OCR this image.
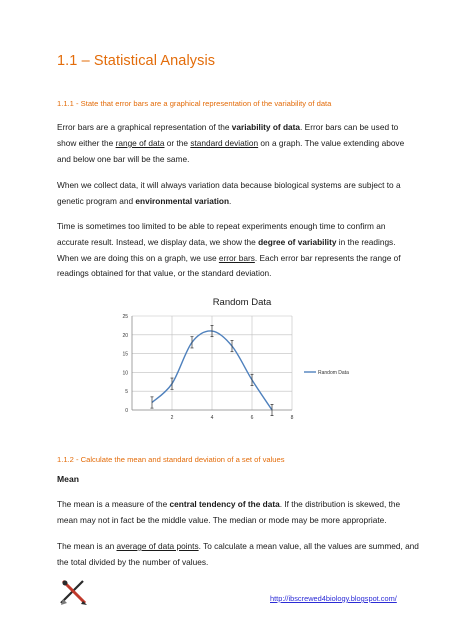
1.1 – Statistical Analysis
1.1.1 - State that error bars are a graphical representation of the variability of data
Error bars are a graphical representation of the variability of data. Error bars can be used to show either the range of data or the standard deviation on a graph. The value extending above and below one bar will be the same.
When we collect data, it will always variation data because biological systems are subject to a genetic program and environmental variation.
Time is sometimes too limited to be able to repeat experiments enough time to confirm an accurate result. Instead, we display data, we show the degree of variability in the readings. When we are doing this on a graph, we use error bars. Each error bar represents the range of readings obtained for that value, or the standard deviation.
Random Data
0
5
10
15
20
25
2	4	6	8
Random Data
1.1.2 - Calculate the mean and standard deviation of a set of values
Mean
The mean is a measure of the central tendency of the data. If the distribution is skewed, the mean may not in fact be the middle value. The median or mode may be more appropriate.
The mean is an average of data points. To calculate a mean value, all the values are summed, and the total divided by the number of values.
http://ibscrewed4biology.blogspot.com/
